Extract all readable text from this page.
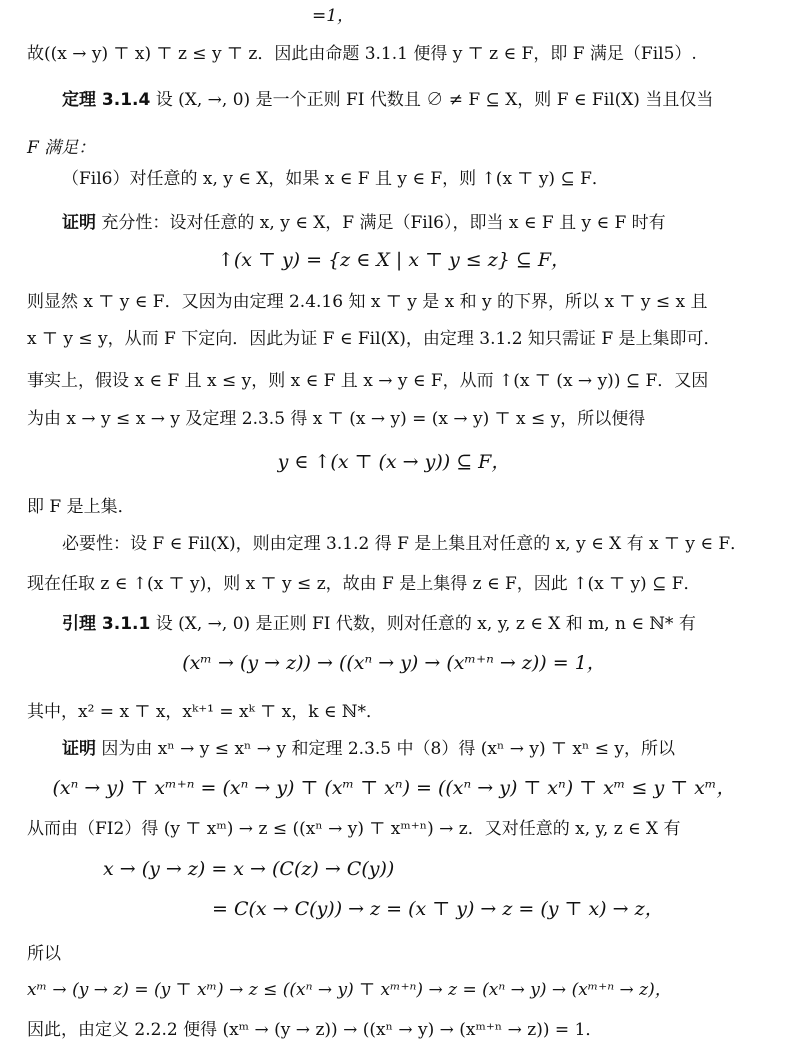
=1，
故((x → y) ⊤ x) ⊤ z ≤ y ⊤ z．因此由命题 3.1.1 便得 y ⊤ z ∈ F，即 F 满足（Fil5）.
定理 3.1.4 设 (X, →, 0) 是一个正则 FI 代数且 ∅ ≠ F ⊆ X，则 F ∈ Fil(X) 当且仅当
F 满足：
（Fil6）对任意的 x, y ∈ X，如果 x ∈ F 且 y ∈ F，则 ↑(x ⊤ y) ⊆ F．
证明 充分性：设对任意的 x, y ∈ X，F 满足（Fil6），即当 x ∈ F 且 y ∈ F 时有
↑(x ⊤ y) = {z ∈ X | x ⊤ y ≤ z} ⊆ F，
则显然 x ⊤ y ∈ F．又因为由定理 2.4.16 知 x ⊤ y 是 x 和 y 的下界，所以 x ⊤ y ≤ x 且
x ⊤ y ≤ y，从而 F 下定向．因此为证 F ∈ Fil(X)，由定理 3.1.2 知只需证 F 是上集即可．
事实上，假设 x ∈ F 且 x ≤ y，则 x ∈ F 且 x → y ∈ F，从而 ↑(x ⊤ (x → y)) ⊆ F．又因
为由 x → y ≤ x → y 及定理 2.3.5 得 x ⊤ (x → y) = (x → y) ⊤ x ≤ y，所以便得
y ∈ ↑(x ⊤ (x → y)) ⊆ F，
即 F 是上集．
必要性：设 F ∈ Fil(X)，则由定理 3.1.2 得 F 是上集且对任意的 x, y ∈ X 有 x ⊤ y ∈ F．
现在任取 z ∈ ↑(x ⊤ y)，则 x ⊤ y ≤ z，故由 F 是上集得 z ∈ F，因此 ↑(x ⊤ y) ⊆ F．
引理 3.1.1 设 (X, →, 0) 是正则 FI 代数，则对任意的 x, y, z ∈ X 和 m, n ∈ ℕ* 有
(xᵐ → (y → z)) → ((xⁿ → y) → (xᵐ⁺ⁿ → z)) = 1，
其中，x² = x ⊤ x，xᵏ⁺¹ = xᵏ ⊤ x，k ∈ ℕ*．
证明 因为由 xⁿ → y ≤ xⁿ → y 和定理 2.3.5 中（8）得 (xⁿ → y) ⊤ xⁿ ≤ y，所以
(xⁿ → y) ⊤ xᵐ⁺ⁿ = (xⁿ → y) ⊤ (xᵐ ⊤ xⁿ) = ((xⁿ → y) ⊤ xⁿ) ⊤ xᵐ ≤ y ⊤ xᵐ，
从而由（FI2）得 (y ⊤ xᵐ) → z ≤ ((xⁿ → y) ⊤ xᵐ⁺ⁿ) → z．又对任意的 x, y, z ∈ X 有
x → (y → z) = x → (C(z) → C(y))
= C(x → C(y)) → z = (x ⊤ y) → z = (y ⊤ x) → z，
所以
xᵐ → (y → z) = (y ⊤ xᵐ) → z ≤ ((xⁿ → y) ⊤ xᵐ⁺ⁿ) → z = (xⁿ → y) → (xᵐ⁺ⁿ → z)，
因此，由定义 2.2.2 便得 (xᵐ → (y → z)) → ((xⁿ → y) → (xᵐ⁺ⁿ → z)) = 1．
